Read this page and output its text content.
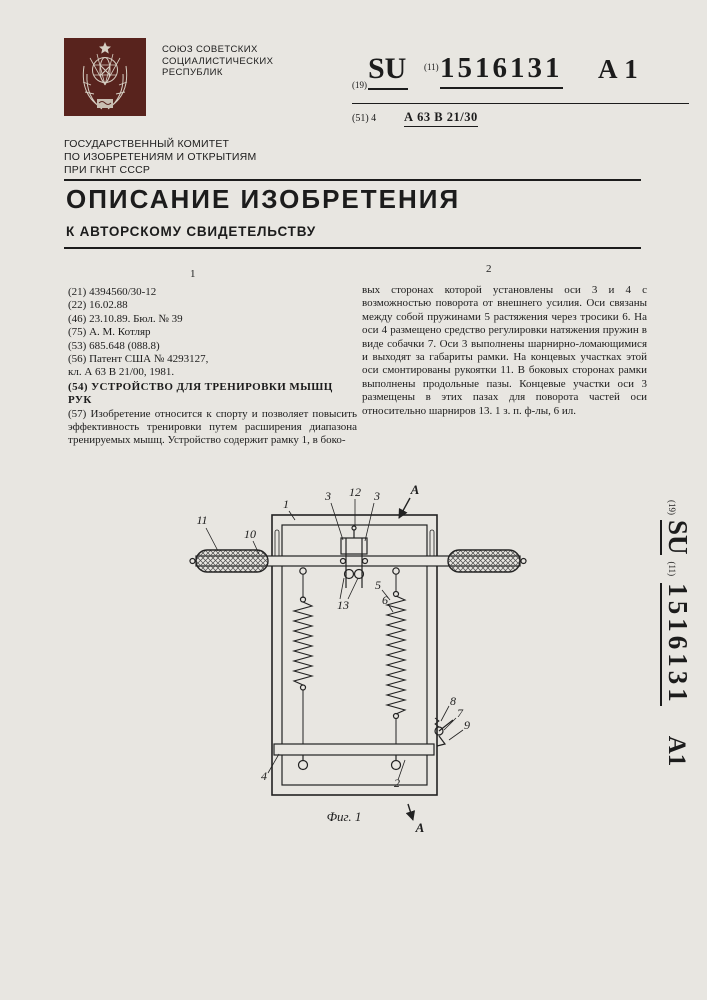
СОЮЗ СОВЕТСКИХ
СОЦИАЛИСТИЧЕСКИХ
РЕСПУБЛИК
(19) SU (11) 1516131 А 1
(51) 4 А 63 В 21/30
ГОСУДАРСТВЕННЫЙ КОМИТЕТ
ПО ИЗОБРЕТЕНИЯМ И ОТКРЫТИЯМ
ПРИ ГКНТ СССР
ОПИСАНИЕ ИЗОБРЕТЕНИЯ
К АВТОРСКОМУ СВИДЕТЕЛЬСТВУ
1	2
(21) 4394560/30-12
(22) 16.02.88
(46) 23.10.89. Бюл. № 39
(75) А. М. Котляр
(53) 685.648 (088.8)
(56) Патент США № 4293127,
кл. А 63 В 21/00, 1981.
(54) УСТРОЙСТВО ДЛЯ ТРЕНИРОВКИ МЫШЦ РУК
(57) Изобретение относится к спорту и позволяет повысить эффективность тренировки путем расширения диапазона тренируемых мышц. Устройство содержит рамку 1, в боко-
вых сторонах которой установлены оси 3 и 4 с возможностью поворота от внешнего усилия. Оси связаны между собой пружинами 5 растяжения через тросики 6. На оси 4 размещено средство регулировки натяжения пружин в виде собачки 7. Оси 3 выполнены шарнирно-ломающимися и выходят за габариты рамки. На концевых участках этой оси смонтированы рукоятки 11. В боковых сторонах рамки выполнены продольные пазы. Концевые участки оси 3 размещены в этих пазах для поворота частей оси относительно шарниров 13. 1 з. п. ф-лы, 6 ил.
11
10
1
3 12 3
13
5
6
8
7
9
4	2
А
А
Фиг. 1
(19)SU(11)1516131А1
